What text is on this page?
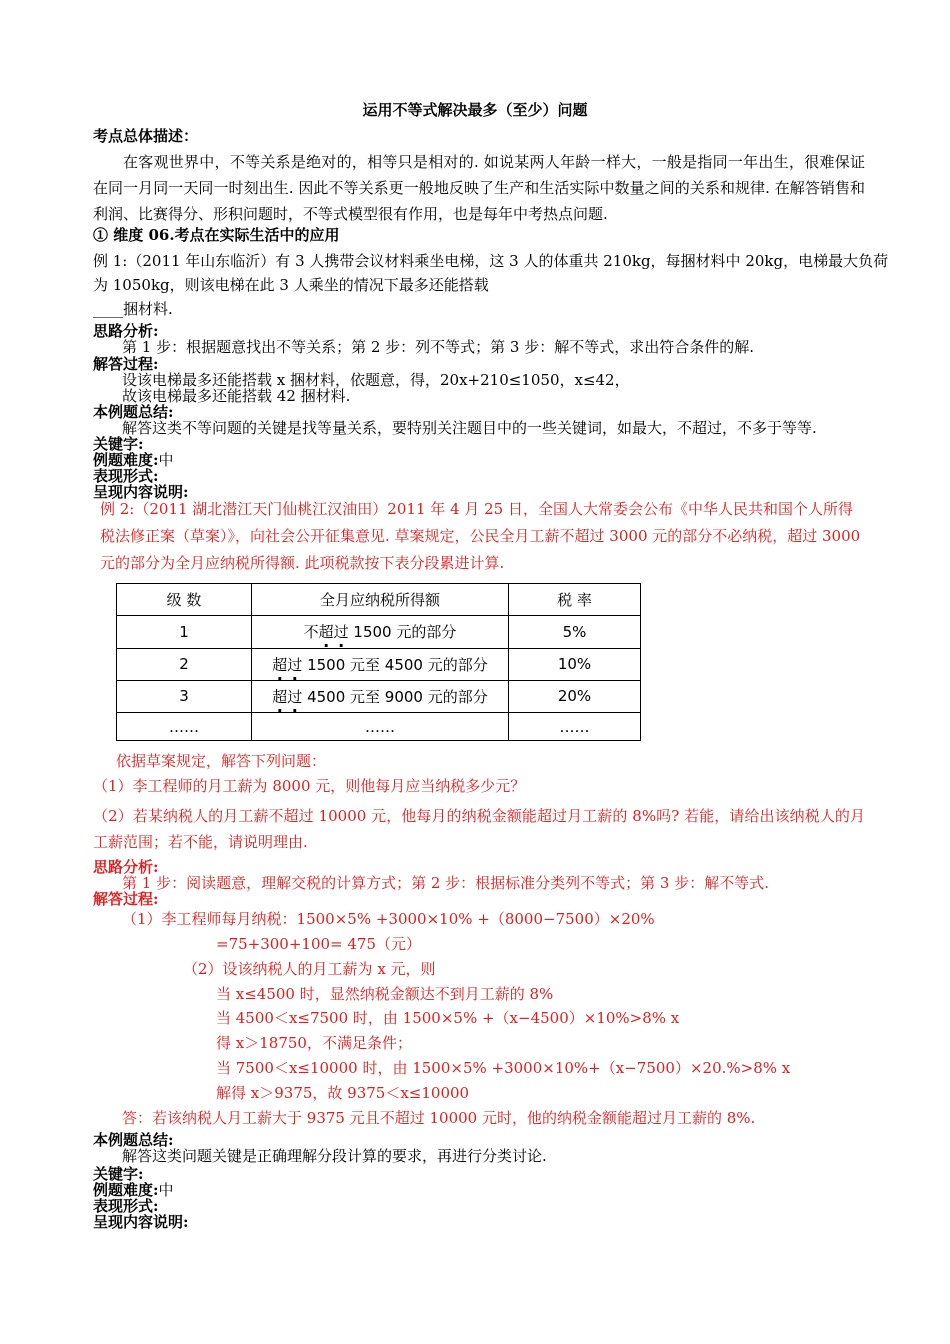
运用不等式解决最多（至少）问题
考点总体描述：
在客观世界中，不等关系是绝对的，相等只是相对的. 如说某两人年龄一样大，一般是指同一年出生，很难保证在同一月同一天同一时刻出生. 因此不等关系更一般地反映了生产和生活实际中数量之间的关系和规律. 在解答销售和利润、比赛得分、形积问题时，不等式模型很有作用，也是每年中考热点问题.
① 维度 06.考点在实际生活中的应用
例 1:（2011 年山东临沂）有 3 人携带会议材料乘坐电梯，这 3 人的体重共 210kg，每捆材料中 20kg，电梯最大负荷
为 1050kg，则该电梯在此 3 人乘坐的情况下最多还能搭载
____捆材料.
思路分析:
第 1 步：根据题意找出不等关系；第 2 步：列不等式；第 3 步：解不等式，求出符合条件的解.
解答过程:
设该电梯最多还能搭载 x 捆材料，依题意，得，20x+210≤1050，x≤42，
故该电梯最多还能搭载 42 捆材料.
本例题总结:
解答这类不等问题的关键是找等量关系，要特别关注题目中的一些关键词，如最大，不超过，不多于等等.
关键字:
例题难度:中
表现形式:
呈现内容说明:
例 2:（2011 湖北潜江天门仙桃江汉油田）2011 年 4 月 25 日，全国人大常委会公布《中华人民共和国个人所得税法修正案（草案）》，向社会公开征集意见. 草案规定，公民全月工薪不超过 3000 元的部分不必纳税，超过 3000 元的部分为全月应纳税所得额. 此项税款按下表分段累进计算.
级 数	全月应纳税所得额	税 率
1	不超过 1500 元的部分	5%
2	超过 1500 元至 4500 元的部分	10%
3	超过 4500 元至 9000 元的部分	20%
……	……	……
依据草案规定，解答下列问题：
（1）李工程师的月工薪为 8000 元，则他每月应当纳税多少元？
（2）若某纳税人的月工薪不超过 10000 元，他每月的纳税金额能超过月工薪的 8%吗? 若能，请给出该纳税人的月工薪范围；若不能，请说明理由.
思路分析:
第 1 步：阅读题意，理解交税的计算方式；第 2 步：根据标准分类列不等式；第 3 步：解不等式.
解答过程:
（1）李工程师每月纳税：1500×5% +3000×10% +（8000−7500）×20%
=75+300+100= 475（元）
（2）设该纳税人的月工薪为 x 元，则
当 x≤4500 时，显然纳税金额达不到月工薪的 8%
当 4500＜x≤7500 时，由 1500×5% +（x−4500）×10%>8% x
得 x＞18750，不满足条件；
当 7500＜x≤10000 时，由 1500×5% +3000×10%+（x−7500）×20.%>8% x
解得 x＞9375，故 9375＜x≤10000
答：若该纳税人月工薪大于 9375 元且不超过 10000 元时，他的纳税金额能超过月工薪的 8%.
本例题总结:
解答这类问题关键是正确理解分段计算的要求，再进行分类讨论.
关键字:
例题难度:中
表现形式:
呈现内容说明:
